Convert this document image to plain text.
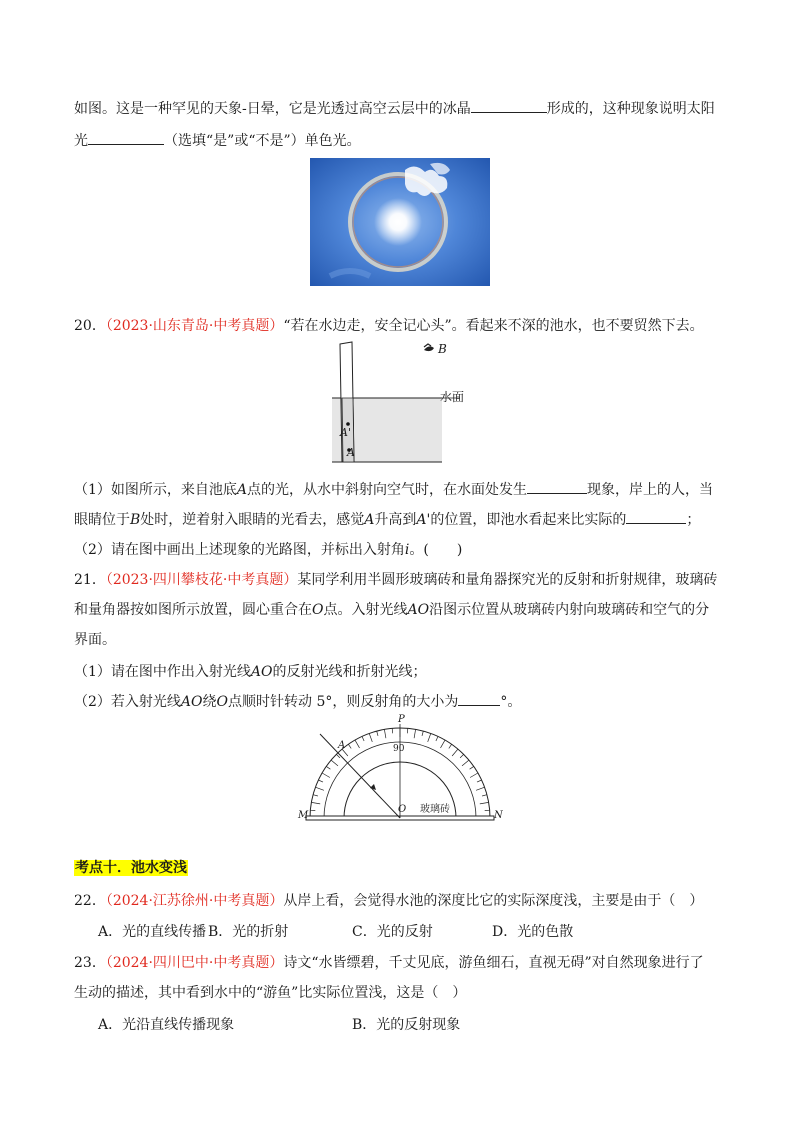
如图。这是一种罕见的天象-日晕，它是光透过高空云层中的冰晶	形成的，这种现象说明太阳
光	（选填“是”或“不是”）单色光。
20．（2023·山东青岛·中考真题）“若在水边走，安全记心头”。看起来不深的池水，也不要贸然下去。
B
水面
A'
A
（1）如图所示，来自池底A点的光，从水中斜射向空气时，在水面处发生	现象，岸上的人，当
眼睛位于B处时，逆着射入眼睛的光看去，感觉A升高到A'的位置，即池水看起来比实际的	；
（2）请在图中画出上述现象的光路图，并标出入射角i。(　　)
21．（2023·四川攀枝花·中考真题）某同学利用半圆形玻璃砖和量角器探究光的反射和折射规律，玻璃砖
和量角器按如图所示放置，圆心重合在O点。入射光线AO沿图示位置从玻璃砖内射向玻璃砖和空气的分
界面。
（1）请在图中作出入射光线AO的反射光线和折射光线；
（2）若入射光线AO绕O点顺时针转动 5°，则反射角的大小为	°。
P
A	90
O 玻璃砖
M	N
考点十．池水变浅
22．（2024·江苏徐州·中考真题）从岸上看，会觉得水池的深度比它的实际深度浅，主要是由于（　）
A．光的直线传播 B．光的折射	C．光的反射	D．光的色散
23．（2024·四川巴中·中考真题）诗文“水皆缥碧，千丈见底，游鱼细石，直视无碍”对自然现象进行了
生动的描述，其中看到水中的“游鱼”比实际位置浅，这是（　）
A．光沿直线传播现象	B．光的反射现象
